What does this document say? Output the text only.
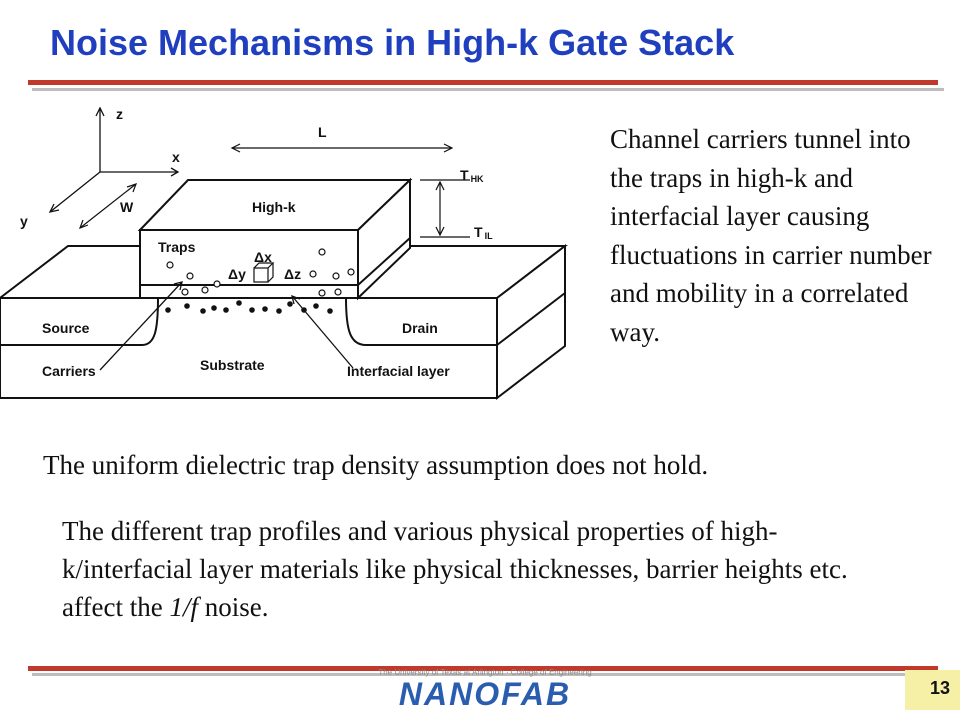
Noise Mechanisms in High-k Gate Stack
z
x
y
L
W
THK
TIL
High-k
Traps
Δx
Δy	Δz
Source	Drain
Carriers	Substrate	Interfacial layer
Channel carriers tunnel into the traps in high-k and interfacial layer causing fluctuations in carrier number and mobility in a correlated way.
The uniform dielectric trap density assumption does not hold.
The different trap profiles and various physical properties of high-k/interfacial layer materials like physical thicknesses, barrier heights etc. affect the 1/f noise.
The University of Texas at Arlington · College of Engineering
NANOFAB	13
